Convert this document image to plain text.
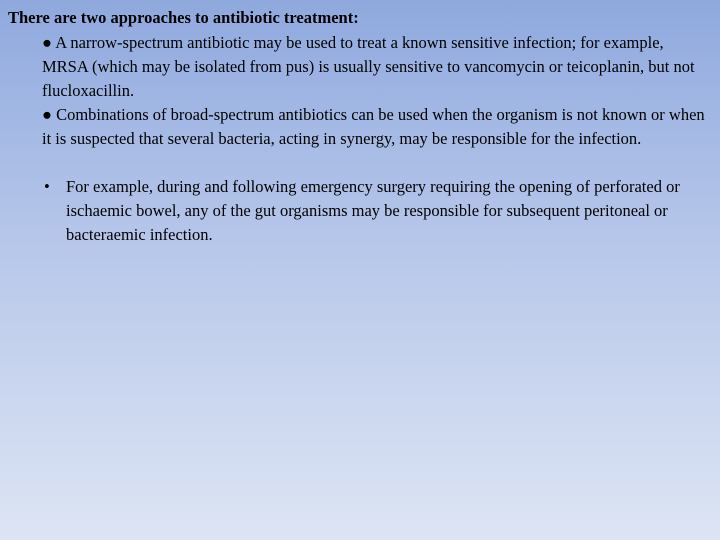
There are two approaches to antibiotic treatment:
● A narrow-spectrum antibiotic may be used to treat a known sensitive infection; for example, MRSA (which may be isolated from pus) is usually sensitive to vancomycin or teicoplanin, but not flucloxacillin.
● Combinations of broad-spectrum antibiotics can be used when the organism is not known or when it is suspected that several bacteria, acting in synergy, may be responsible for the infection.
• For example, during and following emergency surgery requiring the opening of perforated or ischaemic bowel, any of the gut organisms may be responsible for subsequent peritoneal or bacteraemic infection.
